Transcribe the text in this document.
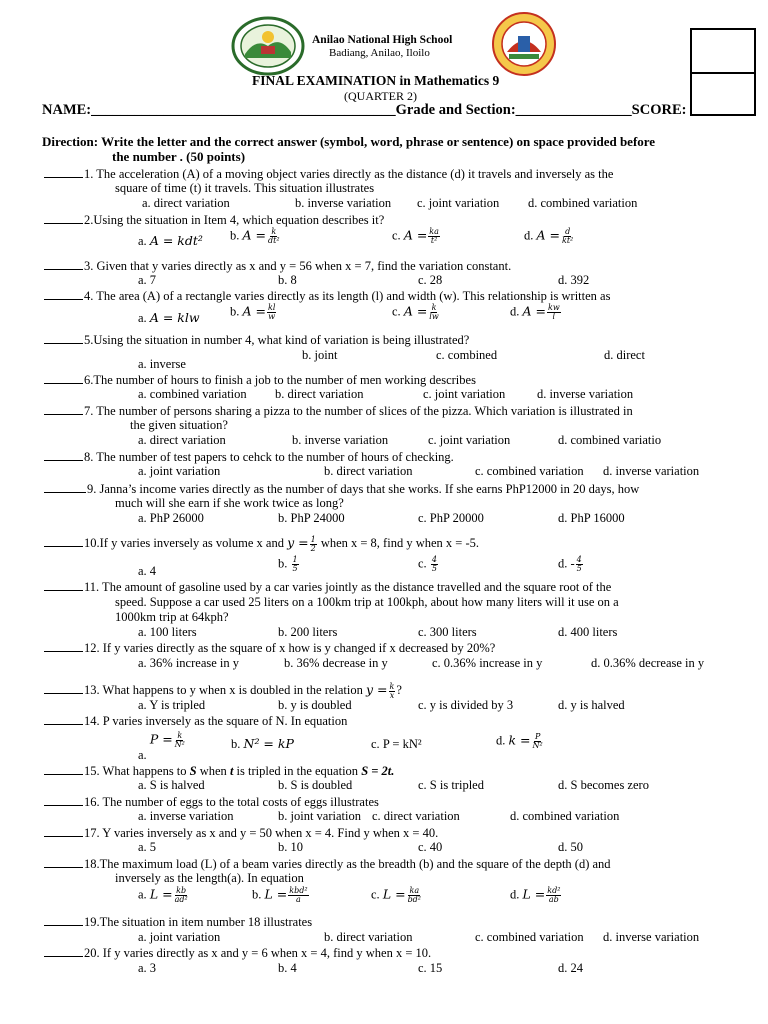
Anilao National High School
Badiang, Anilao, Iloilo
FINAL EXAMINATION in Mathematics 9
(QUARTER 2)
NAME:__________________________________________Grade and Section:________________SCORE:
Direction: Write the letter and the correct answer (symbol, word, phrase or sentence) on space provided before
the number . (50 points)
1. The acceleration (A) of a moving object varies directly as the distance (d) it travels and inversely as the
square of time (t) it travels. This situation illustrates
a. direct variation	b. inverse variation c. joint variation d. combined variation
2.Using the situation in Item 4, which equation describes it?
a. A = kdt² b. $A = \frac{k}{\text{dt²}}$	c. $A = \frac{ka}{\text{t²}}$	d. $A = \frac{d}{\text{kt²}}$
3. Given that y varies directly as x and y = 56 when x = 7, find the variation constant.
a. 7	b. 8	c. 28	d. 392
4. The area (A) of a rectangle varies directly as its length (l) and width (w). This relationship is written as
a. A = klw b. $A = \frac{kl}{w}$	c. $A = \frac{k}{lw}$	d. $A = \frac{kw}{l}$
5.Using the situation in number 4, what kind of variation is being illustrated?
a. inverse
b. joint	c. combined	d. direct
6.The number of hours to finish a job to the number of men working describes
a. combined variation b. direct variation	c. joint variation	d. inverse variation
7. The number of persons sharing a pizza to the number of slices of the pizza. Which variation is illustrated in
the given situation?
a. direct variation	b. inverse variation	c. joint variation	d. combined variatio
8. The number of test papers to cehck to the number of hours of checking.
a. joint variation	b. direct variation	c. combined variation d. inverse variation
9. Janna’s income varies directly as the number of days that she works. If she earns PhP12000 in 20 days, how
much will she earn if she work twice as long?
a. PhP 26000	b. PhP 24000	c. PhP 20000	d. PhP 16000
10.If y varies inversely as volume x and $y = \frac{1}{2}$ when x = 8, find y when x = -5.
a. 4
b. $\frac{1}{5}$	c. $\frac{4}{5}$	d. - $\frac{4}{5}$
11. The amount of gasoline used by a car varies jointly as the distance travelled and the square root of the
speed. Suppose a car used 25 liters on a 100km trip at 100kph, about how many liters will it use on a
1000km trip at 64kph?
a. 100 liters	b. 200 liters	c. 300 liters	d. 400 liters
12. If y varies directly as the square of x how is y changed if x decreased by 20%?
a. 36% increase in y	b. 36% decrease in y	c. 0.36% increase in y	d. 0.36% decrease in y
13. What happens to y when x is doubled in the relation $y = \frac{k}{x}$ ?
a. Y is tripled	b. y is doubled	c. y is divided by 3	d. y is halved
14. P varies inversely as the square of N. In equation
a. $P = \frac{k}{\text{N²}}$	b. N² = kP	c. P = kN²	d. $k = \frac{P}{\text{N²}}$
15. What happens to S when t is tripled in the equation S = 2t.
a. S is halved	b. S is doubled	c. S is tripled	d. S becomes zero
16. The number of eggs to the total costs of eggs illustrates
a. inverse variation	b. joint variation c. direct variation	d. combined variation
17. Y varies inversely as x and y = 50 when x = 4. Find y when x = 40.
a. 5	b. 10	c. 40	d. 50
18.The maximum load (L) of a beam varies directly as the breadth (b) and the square of the depth (d) and
inversely as the length(a). In equation
a. $L = \frac{kb}{\text{ad²}}$	b. $L = \frac{\text{kbd²}}{a}$	c. $L = \frac{ka}{\text{bd²}}$	d. $L = \frac{\text{kd²}}{ab}$
19.The situation in item number 18 illustrates
a. joint variation	b. direct variation	c. combined variation d. inverse variation
20. If y varies directly as x and y = 6 when x = 4, find y when x = 10.
a. 3	b. 4	c. 15	d. 24
